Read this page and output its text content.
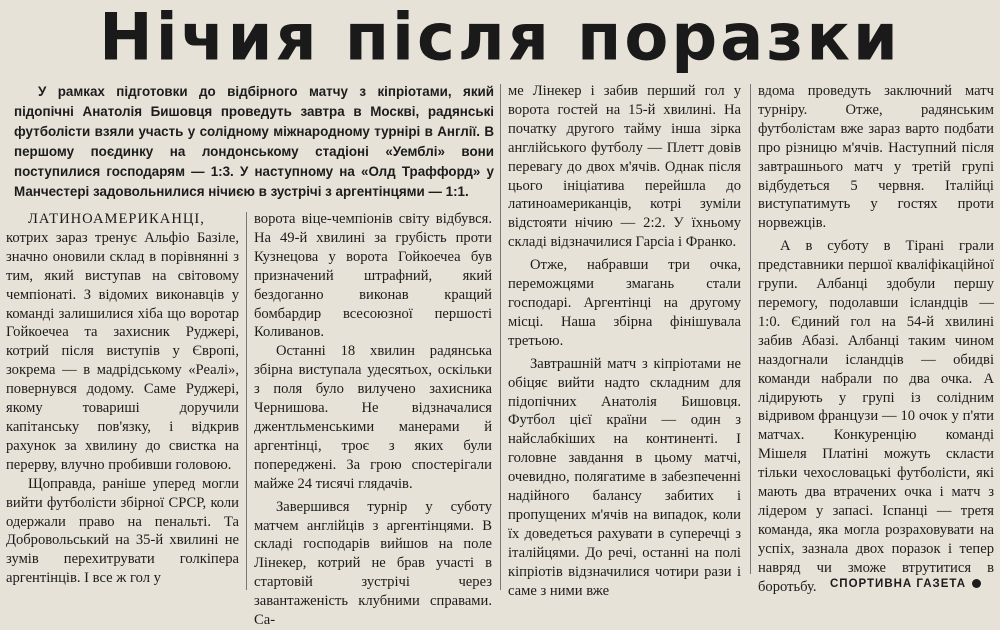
Нічия після поразки
У рамках підготовки до відбірного матчу з кіпріотами, який підопічні Анатолія Бишовця проведуть завтра в Москві, радянські футболісти взяли участь у солідному міжнародному турнірі в Англії. В першому поєдинку на лондонському стадіоні «Уемблі» вони поступилися господарям — 1:3. У наступному на «Олд Траффорд» у Манчестері задовольнилися нічиєю в зустрічі з аргентінцями — 1:1.

ЛАТИНОАМЕРИКАНЦІ, котрих зараз тренує Альфіо Базіле, значно оновили склад в порівнянні з тим, який виступав на світовому чемпіонаті. З відомих виконавців у команді залишилися хіба що воротар Гойкоечеа та захисник Руджері, котрий після виступів у Європі, зокрема — в мадрідському «Реалі», повернувся додому. Саме Руджері, якому товариші доручили капітанську пов'язку, і відкрив рахунок за хвилину до свистка на перерву, влучно пробивши головою.

Щоправда, раніше уперед могли вийти футболісти збірної СРСР, коли одержали право на пенальті. Та Добровольський на 35-й хвилині не зумів перехитрувати голкіпера аргентінців. І все ж гол у

ворота віце-чемпіонів світу відбувся. На 49-й хвилині за грубість проти Кузнецова у ворота Гойкоечеа був призначений штрафний, який бездоганно виконав кращий бомбардир всесоюзної першості Коливанов.

Останні 18 хвилин радянська збірна виступала удесятьох, оскільки з поля було вилучено захисника Чернишова. Не відзначалися джентльменськими манерами й аргентінці, троє з яких були попереджені. За грою спостерігали майже 24 тисячі глядачів.

Завершився турнір у суботу матчем англійців з аргентінцями. В складі господарів вийшов на поле Лінекер, котрий не брав участі в стартовій зустрічі через завантаженість клубними справами. Са-

ме Лінекер і забив перший гол у ворота гостей на 15-й хвилині. На початку другого тайму інша зірка англійського футболу — Плетт довів перевагу до двох м'ячів. Однак після цього ініціатива перейшла до латиноамериканців, котрі зуміли відстояти нічию — 2:2. У їхньому складі відзначилися Гарсіа і Франко.

Отже, набравши три очка, переможцями змагань стали господарі. Аргентінці на другому місці. Наша збірна фінішувала третьою.

Завтрашній матч з кіпріотами не обіцяє вийти надто складним для підопічних Анатолія Бишовця. Футбол цієї країни — один з найслабкіших на континенті. І головне завдання в цьому матчі, очевидно, полягатиме в забезпеченні надійного балансу забитих і пропущених м'ячів на випадок, коли їх доведеться рахувати в суперечці з італійцями. До речі, останні на полі кіпріотів відзначилися чотири рази і саме з ними вже

вдома проведуть заключний матч турніру. Отже, радянським футболістам вже зараз варто подбати про різницю м'ячів. Наступний після завтрашнього матч у третій групі відбудеться 5 червня. Італійці виступатимуть у гостях проти норвежців.

А в суботу в Тірані грали представники першої кваліфікаційної групи. Албанці здобули першу перемогу, подолавши ісландців — 1:0. Єдиний гол на 54-й хвилині забив Абазі. Албанці таким чином наздогнали ісландців — обидві команди набрали по два очка. А лідирують у групі із солідним відривом французи — 10 очок у п'яти матчах. Конкуренцію команді Мішеля Платіні можуть скласти тільки чехословацькі футболісти, які мають два втрачених очка і матч з лідером у запасі. Іспанці — третя команда, яка могла розраховувати на успіх, зазнала двох поразок і тепер навряд чи зможе втрутитися в боротьбу.	СПОРТИВНА ГАЗЕТА
